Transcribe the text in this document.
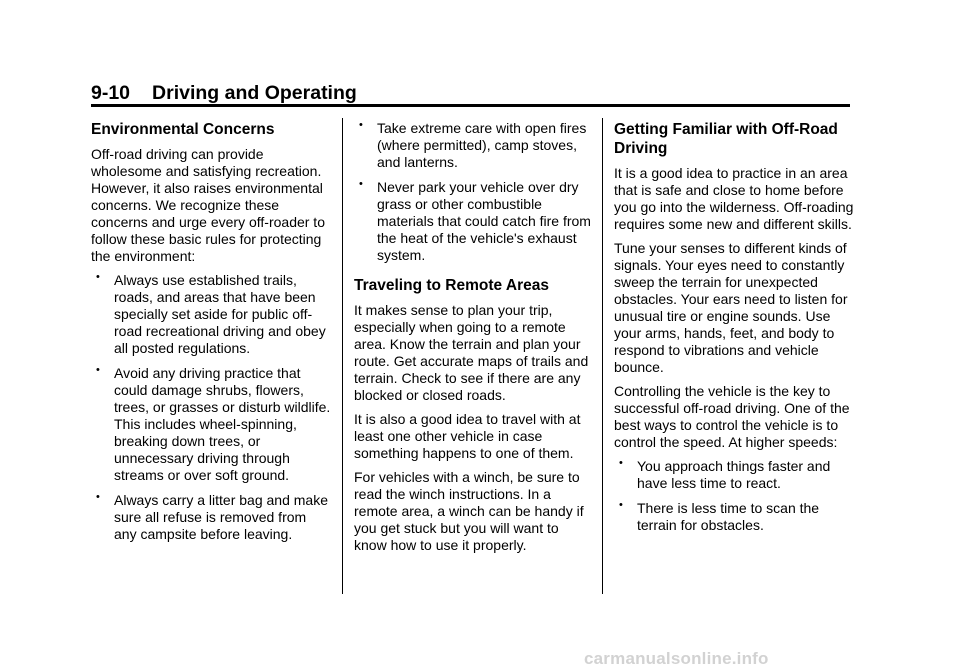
9-10 Driving and Operating
Environmental Concerns

Off-road driving can provide wholesome and satisfying recreation. However, it also raises environmental concerns. We recognize these concerns and urge every off-roader to follow these basic rules for protecting the environment:

• Always use established trails, roads, and areas that have been specially set aside for public off-road recreational driving and obey all posted regulations.
• Avoid any driving practice that could damage shrubs, flowers, trees, or grasses or disturb wildlife. This includes wheel-spinning, breaking down trees, or unnecessary driving through streams or over soft ground.
• Always carry a litter bag and make sure all refuse is removed from any campsite before leaving.
• Take extreme care with open fires (where permitted), camp stoves, and lanterns.
• Never park your vehicle over dry grass or other combustible materials that could catch fire from the heat of the vehicle's exhaust system.
Traveling to Remote Areas

It makes sense to plan your trip, especially when going to a remote area. Know the terrain and plan your route. Get accurate maps of trails and terrain. Check to see if there are any blocked or closed roads.

It is also a good idea to travel with at least one other vehicle in case something happens to one of them.

For vehicles with a winch, be sure to read the winch instructions. In a remote area, a winch can be handy if you get stuck but you will want to know how to use it properly.

Getting Familiar with Off-Road Driving

It is a good idea to practice in an area that is safe and close to home before you go into the wilderness. Off-roading requires some new and different skills.

Tune your senses to different kinds of signals. Your eyes need to constantly sweep the terrain for unexpected obstacles. Your ears need to listen for unusual tire or engine sounds. Use your arms, hands, feet, and body to respond to vibrations and vehicle bounce.

Controlling the vehicle is the key to successful off-road driving. One of the best ways to control the vehicle is to control the speed. At higher speeds:

• You approach things faster and have less time to react.
• There is less time to scan the terrain for obstacles.
carmanualsonline.info
